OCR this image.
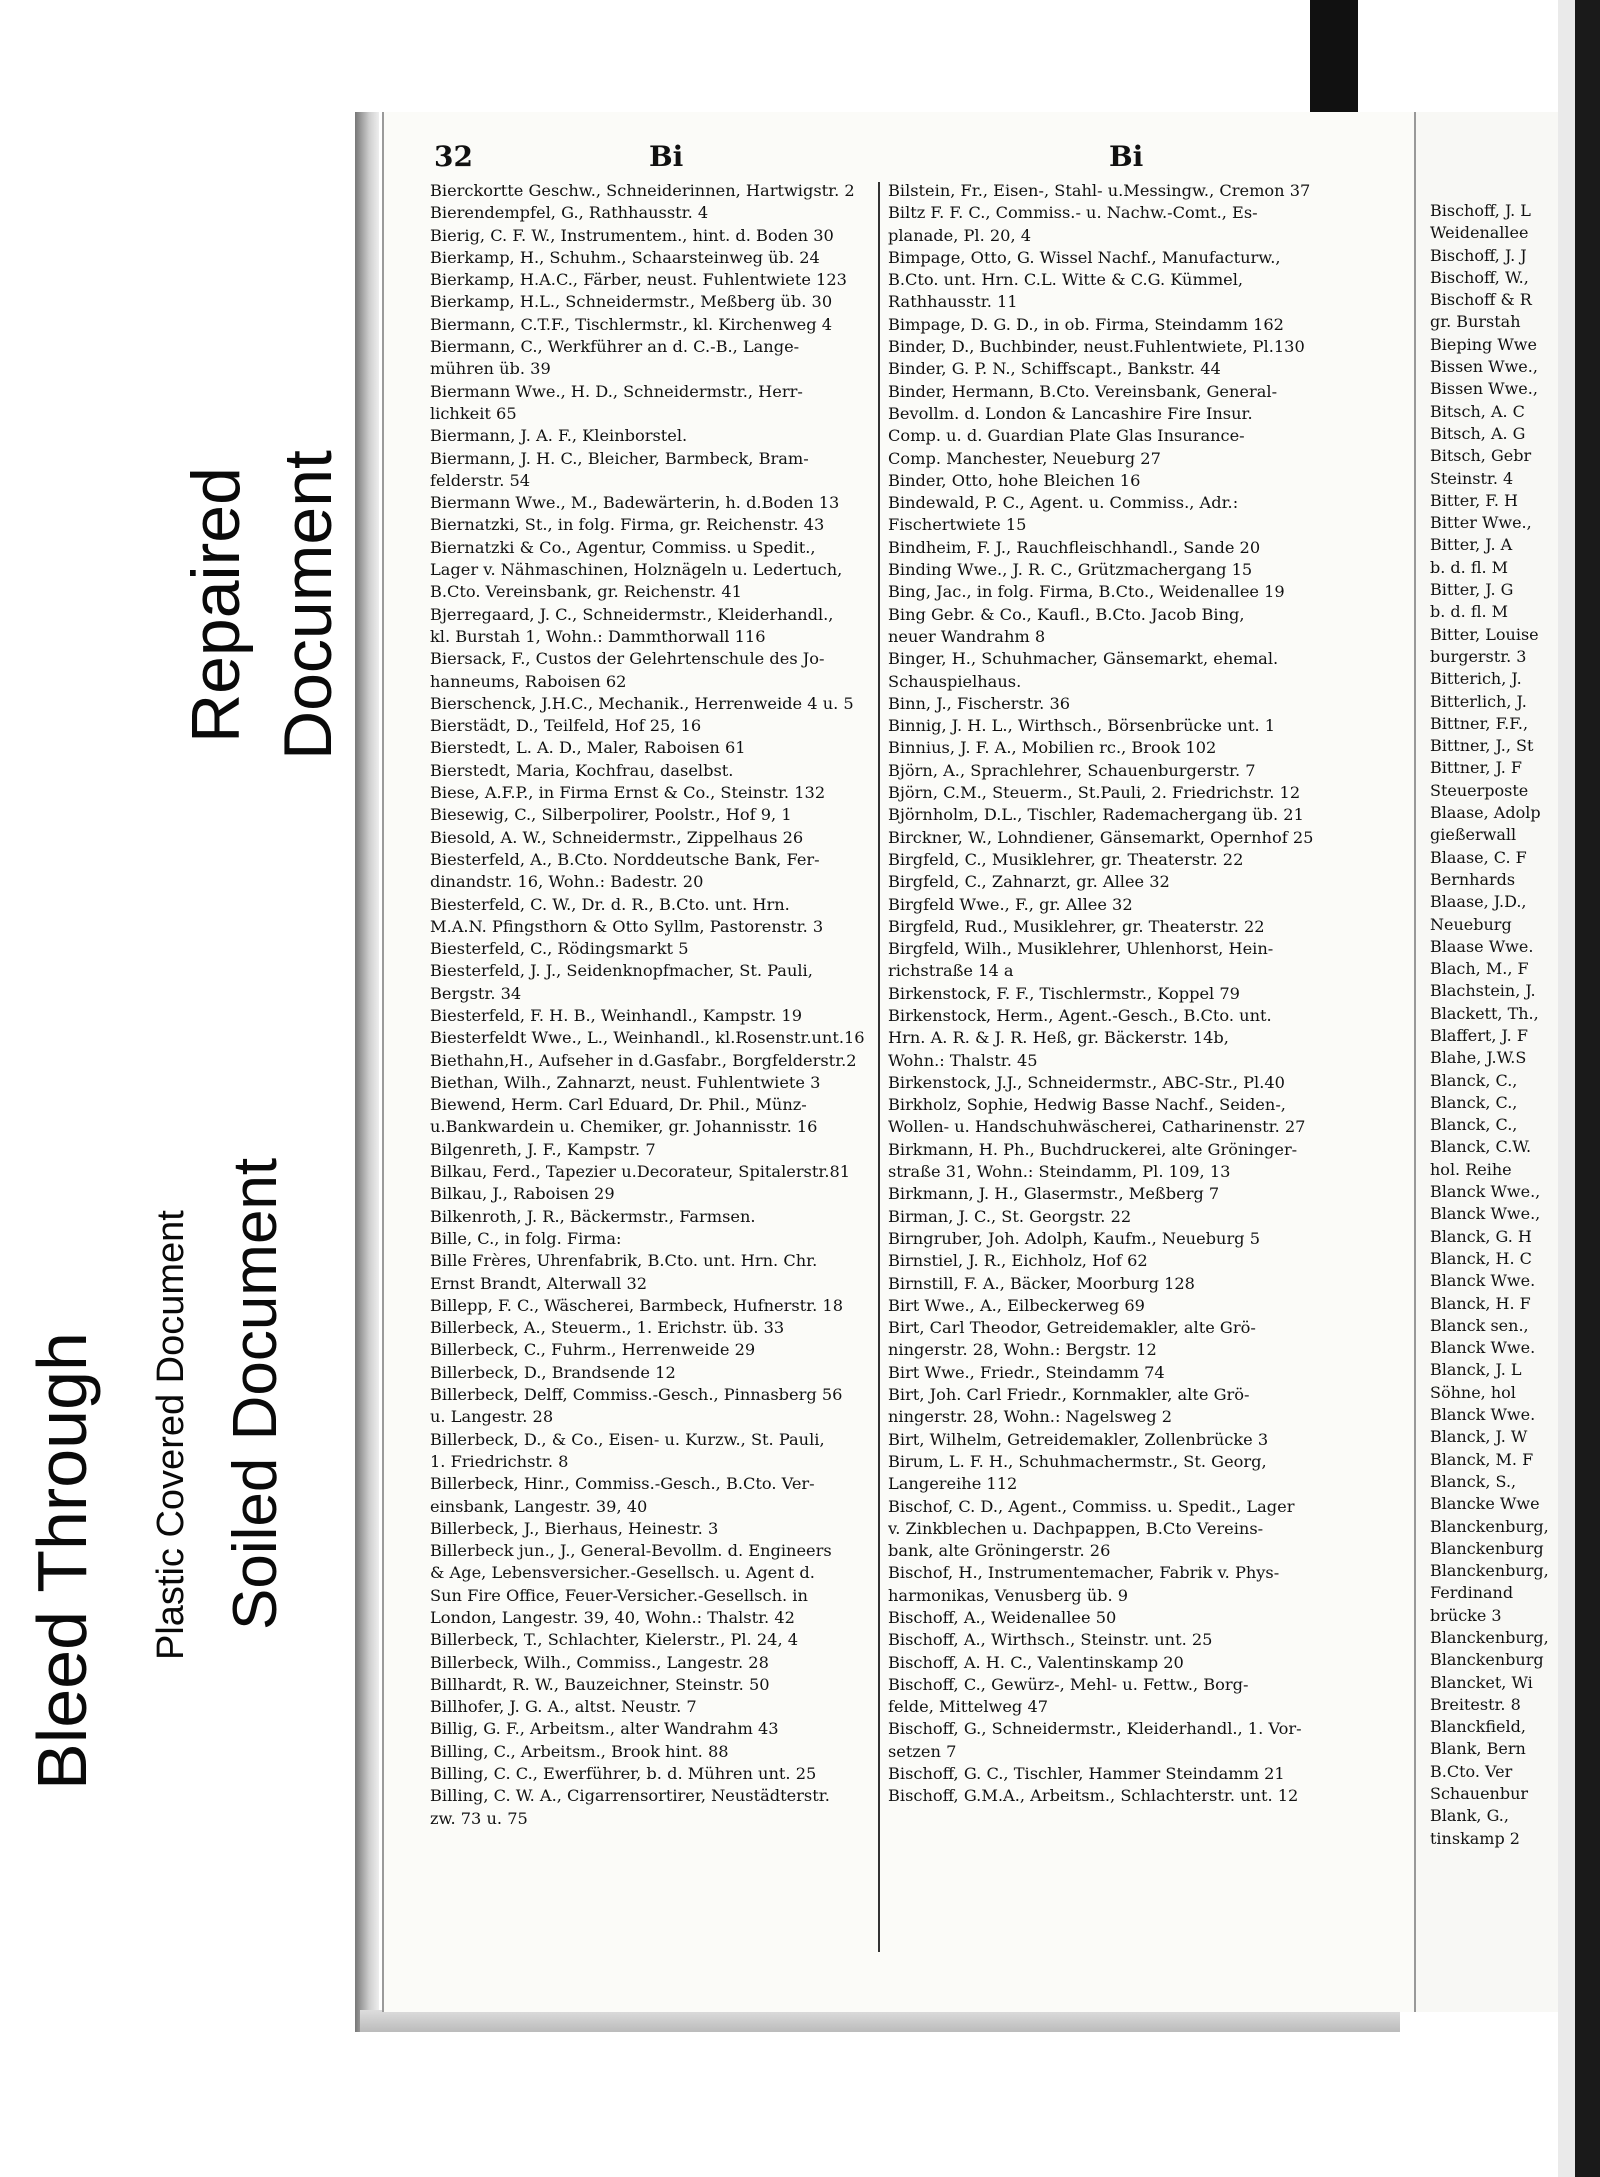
Bleed Through Plastic Covered Document Soiled Document
Repaired Document
32	Bi	Bi
Bierckortte Geschw., Schneiderinnen, Hartwigstr. 2
Bierendempfel, G., Rathhausstr. 4
Bierig, C. F. W., Instrumentem., hint. d. Boden 30
Bierkamp, H., Schuhm., Schaarsteinweg üb. 24
Bierkamp, H.A.C., Färber, neust. Fuhlentwiete 123
Bierkamp, H.L., Schneidermstr., Meßberg üb. 30
Biermann, C.T.F., Tischlermstr., kl. Kirchenweg 4
Biermann, C., Werkführer an d. C.-B., Lange-
mühren üb. 39
Biermann Wwe., H. D., Schneidermstr., Herr-
lichkeit 65
Biermann, J. A. F., Kleinborstel.
Biermann, J. H. C., Bleicher, Barmbeck, Bram-
felderstr. 54
Biermann Wwe., M., Badewärterin, h. d.Boden 13
Biernatzki, St., in folg. Firma, gr. Reichenstr. 43
Biernatzki & Co., Agentur, Commiss. u Spedit.,
Lager v. Nähmaschinen, Holznägeln u. Ledertuch,
B.Cto. Vereinsbank, gr. Reichenstr. 41
Bjerregaard, J. C., Schneidermstr., Kleiderhandl.,
kl. Burstah 1, Wohn.: Dammthorwall 116
Biersack, F., Custos der Gelehrtenschule des Jo-
hanneums, Raboisen 62
Bierschenck, J.H.C., Mechanik., Herrenweide 4 u. 5
Bierstädt, D., Teilfeld, Hof 25, 16
Bierstedt, L. A. D., Maler, Raboisen 61
Bierstedt, Maria, Kochfrau, daselbst.
Biese, A.F.P., in Firma Ernst & Co., Steinstr. 132
Biesewig, C., Silberpolirer, Poolstr., Hof 9, 1
Biesold, A. W., Schneidermstr., Zippelhaus 26
Biesterfeld, A., B.Cto. Norddeutsche Bank, Fer-
dinandstr. 16, Wohn.: Badestr. 20
Biesterfeld, C. W., Dr. d. R., B.Cto. unt. Hrn.
M.A.N. Pfingsthorn & Otto Syllm, Pastorenstr. 3
Biesterfeld, C., Rödingsmarkt 5
Biesterfeld, J. J., Seidenknopfmacher, St. Pauli,
Bergstr. 34
Biesterfeld, F. H. B., Weinhandl., Kampstr. 19
Biesterfeldt Wwe., L., Weinhandl., kl.Rosenstr.unt.16
Biethahn,H., Aufseher in d.Gasfabr., Borgfelderstr.2
Biethan, Wilh., Zahnarzt, neust. Fuhlentwiete 3
Biewend, Herm. Carl Eduard, Dr. Phil., Münz-
u.Bankwardein u. Chemiker, gr. Johannisstr. 16
Bilgenreth, J. F., Kampstr. 7
Bilkau, Ferd., Tapezier u.Decorateur, Spitalerstr.81
Bilkau, J., Raboisen 29
Bilkenroth, J. R., Bäckermstr., Farmsen.
Bille, C., in folg. Firma:
Bille Frères, Uhrenfabrik, B.Cto. unt. Hrn. Chr.
Ernst Brandt, Alterwall 32
Billepp, F. C., Wäscherei, Barmbeck, Hufnerstr. 18
Billerbeck, A., Steuerm., 1. Erichstr. üb. 33
Billerbeck, C., Fuhrm., Herrenweide 29
Billerbeck, D., Brandsende 12
Billerbeck, Delff, Commiss.-Gesch., Pinnasberg 56
u. Langestr. 28
Billerbeck, D., & Co., Eisen- u. Kurzw., St. Pauli,
1. Friedrichstr. 8
Billerbeck, Hinr., Commiss.-Gesch., B.Cto. Ver-
einsbank, Langestr. 39, 40
Billerbeck, J., Bierhaus, Heinestr. 3
Billerbeck jun., J., General-Bevollm. d. Engineers
& Age, Lebensversicher.-Gesellsch. u. Agent d.
Sun Fire Office, Feuer-Versicher.-Gesellsch. in
London, Langestr. 39, 40, Wohn.: Thalstr. 42
Billerbeck, T., Schlachter, Kielerstr., Pl. 24, 4
Billerbeck, Wilh., Commiss., Langestr. 28
Billhardt, R. W., Bauzeichner, Steinstr. 50
Billhofer, J. G. A., altst. Neustr. 7
Billig, G. F., Arbeitsm., alter Wandrahm 43
Billing, C., Arbeitsm., Brook hint. 88
Billing, C. C., Ewerführer, b. d. Mühren unt. 25
Billing, C. W. A., Cigarrensortirer, Neustädterstr.
zw. 73 u. 75
Bilstein, Fr., Eisen-, Stahl- u.Messingw., Cremon 37
Biltz F. F. C., Commiss.- u. Nachw.-Comt., Es-
planade, Pl. 20, 4
Bimpage, Otto, G. Wissel Nachf., Manufacturw.,
B.Cto. unt. Hrn. C.L. Witte & C.G. Kümmel,
Rathhausstr. 11
Bimpage, D. G. D., in ob. Firma, Steindamm 162
Binder, D., Buchbinder, neust.Fuhlentwiete, Pl.130
Binder, G. P. N., Schiffscapt., Bankstr. 44
Binder, Hermann, B.Cto. Vereinsbank, General-
Bevollm. d. London & Lancashire Fire Insur.
Comp. u. d. Guardian Plate Glas Insurance-
Comp. Manchester, Neueburg 27
Binder, Otto, hohe Bleichen 16
Bindewald, P. C., Agent. u. Commiss., Adr.:
Fischertwiete 15
Bindheim, F. J., Rauchfleischhandl., Sande 20
Binding Wwe., J. R. C., Grützmachergang 15
Bing, Jac., in folg. Firma, B.Cto., Weidenallee 19
Bing Gebr. & Co., Kaufl., B.Cto. Jacob Bing,
neuer Wandrahm 8
Binger, H., Schuhmacher, Gänsemarkt, ehemal.
Schauspielhaus.
Binn, J., Fischerstr. 36
Binnig, J. H. L., Wirthsch., Börsenbrücke unt. 1
Binnius, J. F. A., Mobilien rc., Brook 102
Björn, A., Sprachlehrer, Schauenburgerstr. 7
Björn, C.M., Steuerm., St.Pauli, 2. Friedrichstr. 12
Björnholm, D.L., Tischler, Rademachergang üb. 21
Birckner, W., Lohndiener, Gänsemarkt, Opernhof 25
Birgfeld, C., Musiklehrer, gr. Theaterstr. 22
Birgfeld, C., Zahnarzt, gr. Allee 32
Birgfeld Wwe., F., gr. Allee 32
Birgfeld, Rud., Musiklehrer, gr. Theaterstr. 22
Birgfeld, Wilh., Musiklehrer, Uhlenhorst, Hein-
richstraße 14 a
Birkenstock, F. F., Tischlermstr., Koppel 79
Birkenstock, Herm., Agent.-Gesch., B.Cto. unt.
Hrn. A. R. & J. R. Heß, gr. Bäckerstr. 14b,
Wohn.: Thalstr. 45
Birkenstock, J.J., Schneidermstr., ABC-Str., Pl.40
Birkholz, Sophie, Hedwig Basse Nachf., Seiden-,
Wollen- u. Handschuhwäscherei, Catharinenstr. 27
Birkmann, H. Ph., Buchdruckerei, alte Gröninger-
straße 31, Wohn.: Steindamm, Pl. 109, 13
Birkmann, J. H., Glasermstr., Meßberg 7
Birman, J. C., St. Georgstr. 22
Birngruber, Joh. Adolph, Kaufm., Neueburg 5
Birnstiel, J. R., Eichholz, Hof 62
Birnstill, F. A., Bäcker, Moorburg 128
Birt Wwe., A., Eilbeckerweg 69
Birt, Carl Theodor, Getreidemakler, alte Grö-
ningerstr. 28, Wohn.: Bergstr. 12
Birt Wwe., Friedr., Steindamm 74
Birt, Joh. Carl Friedr., Kornmakler, alte Grö-
ningerstr. 28, Wohn.: Nagelsweg 2
Birt, Wilhelm, Getreidemakler, Zollenbrücke 3
Birum, L. F. H., Schuhmachermstr., St. Georg,
Langereihe 112
Bischof, C. D., Agent., Commiss. u. Spedit., Lager
v. Zinkblechen u. Dachpappen, B.Cto Vereins-
bank, alte Gröningerstr. 26
Bischof, H., Instrumentemacher, Fabrik v. Phys-
harmonikas, Venusberg üb. 9
Bischoff, A., Weidenallee 50
Bischoff, A., Wirthsch., Steinstr. unt. 25
Bischoff, A. H. C., Valentinskamp 20
Bischoff, C., Gewürz-, Mehl- u. Fettw., Borg-
felde, Mittelweg 47
Bischoff, G., Schneidermstr., Kleiderhandl., 1. Vor-
setzen 7
Bischoff, G. C., Tischler, Hammer Steindamm 21
Bischoff, G.M.A., Arbeitsm., Schlachterstr. unt. 12
Bischoff, J. L
Weidenallee
Bischoff, J. J
Bischoff, W.,
Bischoff & R
gr. Burstah
Bieping Wwe
Bissen Wwe.,
Bissen Wwe.,
Bitsch, A. C
Bitsch, A. G
Bitsch, Gebr
Steinstr. 4
Bitter, F. H
Bitter Wwe.,
Bitter, J. A
b. d. fl. M
Bitter, J. G
b. d. fl. M
Bitter, Louise
burgerstr. 3
Bitterich, J.
Bitterlich, J.
Bittner, F.F.,
Bittner, J., St
Bittner, J. F
Steuerposte
Blaase, Adolp
gießerwall
Blaase, C. F
Bernhards
Blaase, J.D.,
Neueburg
Blaase Wwe.
Blach, M., F
Blachstein, J.
Blackett, Th.,
Blaffert, J. F
Blahe, J.W.S
Blanck, C.,
Blanck, C.,
Blanck, C.,
Blanck, C.W.
hol. Reihe
Blanck Wwe.,
Blanck Wwe.,
Blanck, G. H
Blanck, H. C
Blanck Wwe.
Blanck, H. F
Blanck sen.,
Blanck Wwe.
Blanck, J. L
Söhne, hol
Blanck Wwe.
Blanck, J. W
Blanck, M. F
Blanck, S.,
Blancke Wwe
Blanckenburg,
Blanckenburg
Blanckenburg,
Ferdinand
brücke 3
Blanckenburg,
Blanckenburg
Blancket, Wi
Breitestr. 8
Blanckfield,
Blank, Bern
B.Cto. Ver
Schauenbur
Blank, G.,
tinskamp 2
